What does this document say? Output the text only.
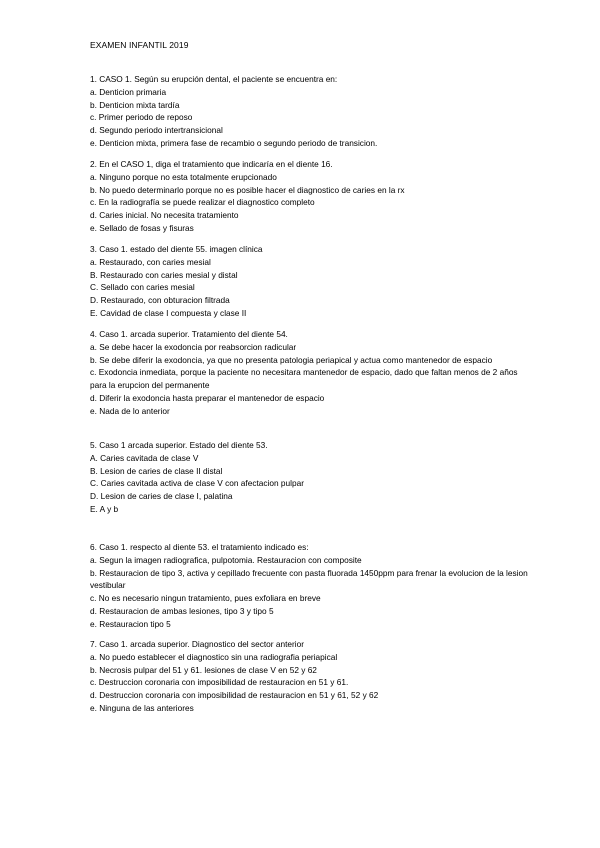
EXAMEN INFANTIL 2019
1. CASO 1. Según su erupción dental, el paciente se encuentra en:
a. Denticion primaria
b. Denticion mixta tardía
c. Primer periodo de reposo
d. Segundo periodo intertransicional
e. Denticion mixta, primera fase de recambio o segundo periodo de transicion.
2. En el CASO 1, diga el tratamiento que indicaría en el diente 16.
a. Ninguno porque no esta totalmente erupcionado
b. No puedo determinarlo porque no es posible hacer el diagnostico de caries en la rx
c. En la radiografía se puede realizar el diagnostico completo
d. Caries inicial. No necesita tratamiento
e. Sellado de fosas y fisuras
3. Caso 1. estado del diente 55. imagen clínica
a. Restaurado, con caries mesial
B. Restaurado con caries mesial y distal
C. Sellado con caries mesial
D. Restaurado, con obturacion filtrada
E. Cavidad de clase I compuesta y clase II
4. Caso 1. arcada superior. Tratamiento del diente 54.
a. Se debe hacer la exodoncia por reabsorcion radicular
b. Se debe diferir la exodoncia, ya que no presenta patologia periapical y actua como mantenedor de espacio
c. Exodoncia inmediata, porque la paciente no necesitara mantenedor de espacio, dado que faltan menos de 2 años para la erupcion del permanente
d. Diferir la exodoncia hasta preparar el mantenedor de espacio
e. Nada de lo anterior
5. Caso 1 arcada superior. Estado del diente 53.
A. Caries cavitada de clase V
B. Lesion de caries de clase II distal
C. Caries cavitada activa de clase V con afectacion pulpar
D. Lesion de caries de clase I, palatina
E. A y b
6. Caso 1. respecto al diente 53. el tratamiento indicado es:
a. Segun la imagen radiografica, pulpotomia. Restauracion con composite
b. Restauracion de tipo 3, activa y cepillado frecuente con pasta fluorada 1450ppm para frenar la evolucion de la lesion vestibular
c. No es necesario ningun tratamiento, pues exfoliara en breve
d. Restauracion de ambas lesiones, tipo 3 y tipo 5
e. Restauracion tipo 5
7. Caso 1. arcada superior. Diagnostico del sector anterior
a. No puedo establecer el diagnostico sin una radiografia periapical
b. Necrosis pulpar del 51 y 61. lesiones de clase V en 52 y 62
c. Destruccion coronaria con imposibilidad de restauracion en 51 y 61.
d. Destruccion coronaria con imposibilidad de restauracion en 51 y 61, 52 y 62
e. Ninguna de las anteriores
